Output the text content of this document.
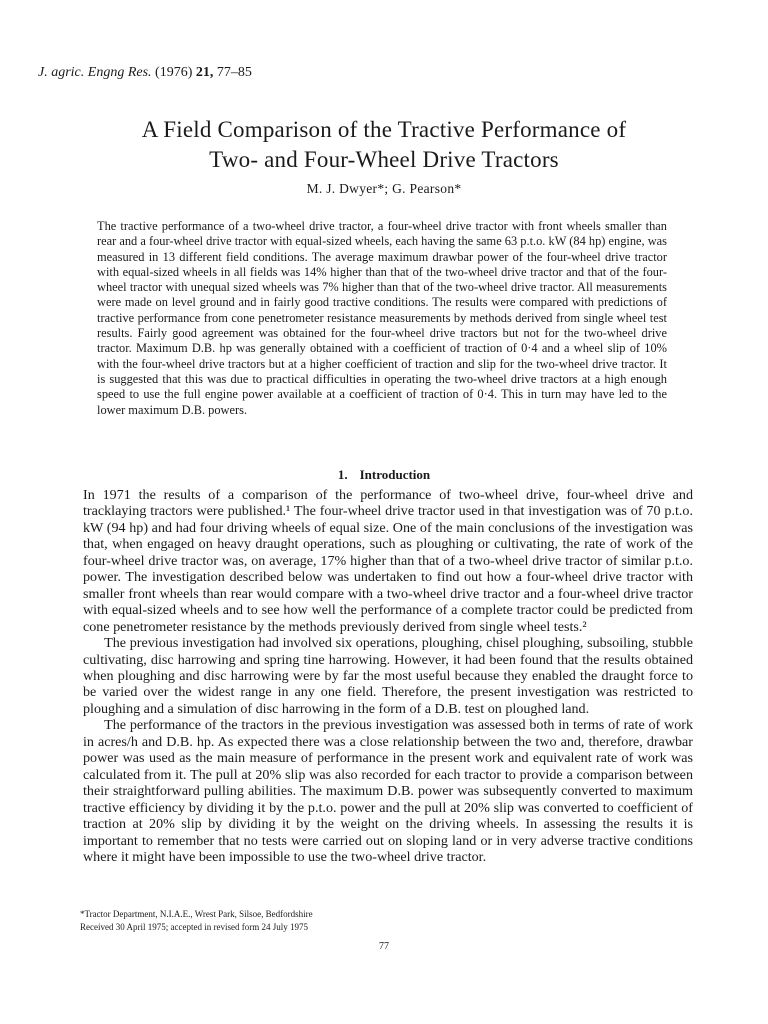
J. agric. Engng Res. (1976) 21, 77–85
A Field Comparison of the Tractive Performance of
Two- and Four-Wheel Drive Tractors
M. J. Dwyer*; G. Pearson*

The tractive performance of a two-wheel drive tractor, a four-wheel drive tractor with front wheels smaller than rear and a four-wheel drive tractor with equal-sized wheels, each having the same 63 p.t.o. kW (84 hp) engine, was measured in 13 different field conditions. The average maximum drawbar power of the four-wheel drive tractor with equal-sized wheels in all fields was 14% higher than that of the two-wheel drive tractor and that of the four-wheel tractor with unequal sized wheels was 7% higher than that of the two-wheel drive tractor. All measurements were made on level ground and in fairly good tractive conditions. The results were compared with predictions of tractive performance from cone penetrometer resistance measurements by methods derived from single wheel test results. Fairly good agreement was obtained for the four-wheel drive tractors but not for the two-wheel drive tractor. Maximum D.B. hp was generally obtained with a coefficient of traction of 0·4 and a wheel slip of 10% with the four-wheel drive tractors but at a higher coefficient of traction and slip for the two-wheel drive tractor. It is suggested that this was due to practical difficulties in operating the two-wheel drive tractors at a high enough speed to use the full engine power available at a coefficient of traction of 0·4. This in turn may have led to the lower maximum D.B. powers.

1. Introduction

In 1971 the results of a comparison of the performance of two-wheel drive, four-wheel drive and tracklaying tractors were published.¹ The four-wheel drive tractor used in that investigation was of 70 p.t.o. kW (94 hp) and had four driving wheels of equal size. One of the main conclusions of the investigation was that, when engaged on heavy draught operations, such as ploughing or cultivating, the rate of work of the four-wheel drive tractor was, on average, 17% higher than that of a two-wheel drive tractor of similar p.t.o. power. The investigation described below was undertaken to find out how a four-wheel drive tractor with smaller front wheels than rear would compare with a two-wheel drive tractor and a four-wheel drive tractor with equal-sized wheels and to see how well the performance of a complete tractor could be predicted from cone penetrometer resistance by the methods previously derived from single wheel tests.²

The previous investigation had involved six operations, ploughing, chisel ploughing, subsoiling, stubble cultivating, disc harrowing and spring tine harrowing. However, it had been found that the results obtained when ploughing and disc harrowing were by far the most useful because they enabled the draught force to be varied over the widest range in any one field. Therefore, the present investigation was restricted to ploughing and a simulation of disc harrowing in the form of a D.B. test on ploughed land.

The performance of the tractors in the previous investigation was assessed both in terms of rate of work in acres/h and D.B. hp. As expected there was a close relationship between the two and, therefore, drawbar power was used as the main measure of performance in the present work and equivalent rate of work was calculated from it. The pull at 20% slip was also recorded for each tractor to provide a comparison between their straightforward pulling abilities. The maximum D.B. power was subsequently converted to maximum tractive efficiency by dividing it by the p.t.o. power and the pull at 20% slip was converted to coefficient of traction at 20% slip by dividing it by the weight on the driving wheels. In assessing the results it is important to remember that no tests were carried out on sloping land or in very adverse tractive conditions where it might have been impossible to use the two-wheel drive tractor.

*Tractor Department, N.I.A.E., Wrest Park, Silsoe, Bedfordshire
Received 30 April 1975; accepted in revised form 24 July 1975
77
